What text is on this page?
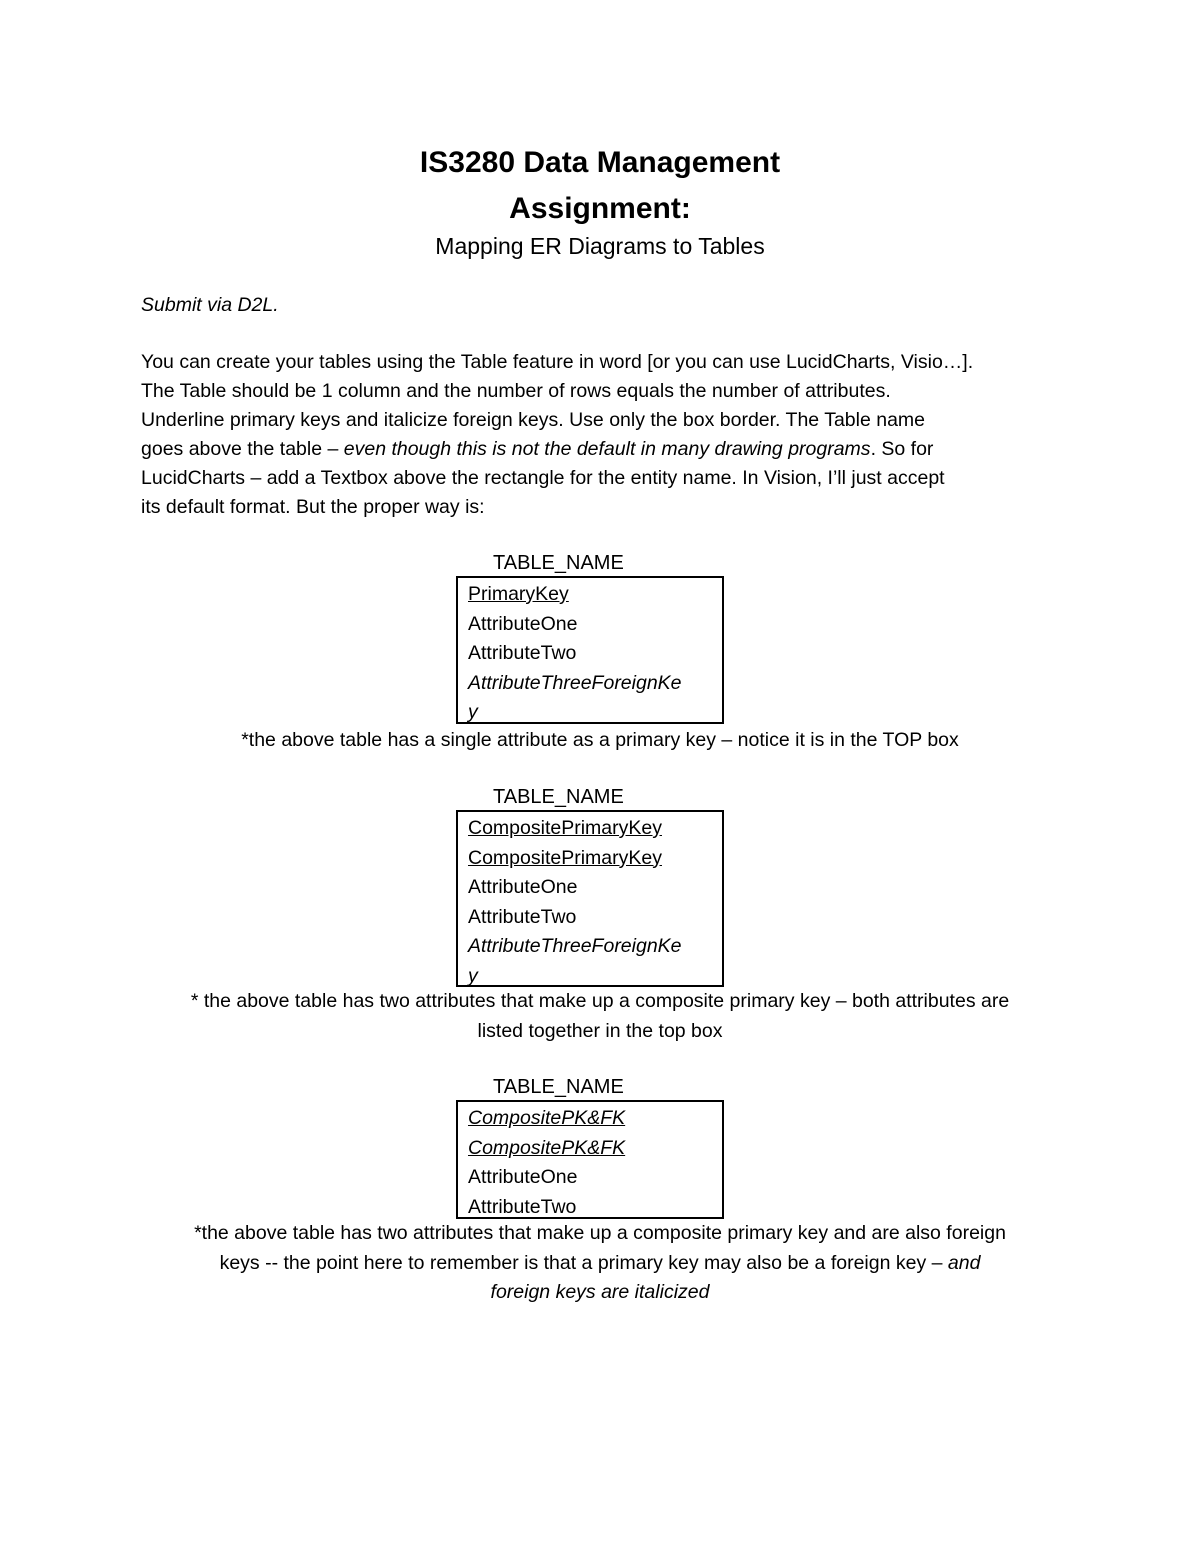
IS3280 Data Management
Assignment:
Mapping ER Diagrams to Tables
Submit via D2L.

You can create your tables using the Table feature in word [or you can use LucidCharts, Visio…].

The Table should be 1 column and the number of rows equals the number of attributes.

Underline primary keys and italicize foreign keys. Use only the box border. The Table name

goes above the table – even though this is not the default in many drawing programs. So for

LucidCharts – add a Textbox above the rectangle for the entity name. In Vision, I’ll just accept

its default format. But the proper way is:

TABLE_NAME
PrimaryKey
AttributeOne
AttributeTwo
AttributeThreeForeignKe
y
*the above table has a single attribute as a primary key – notice it is in the TOP box
TABLE_NAME
CompositePrimaryKey
CompositePrimaryKey
AttributeOne
AttributeTwo
AttributeThreeForeignKe
y

* the above table has two attributes that make up a composite primary key – both attributes are

listed together in the top box

TABLE_NAME
CompositePK&FK
CompositePK&FK
AttributeOne
AttributeTwo

*the above table has two attributes that make up a composite primary key and are also foreign

keys -- the point here to remember is that a primary key may also be a foreign key – and

foreign keys are italicized
